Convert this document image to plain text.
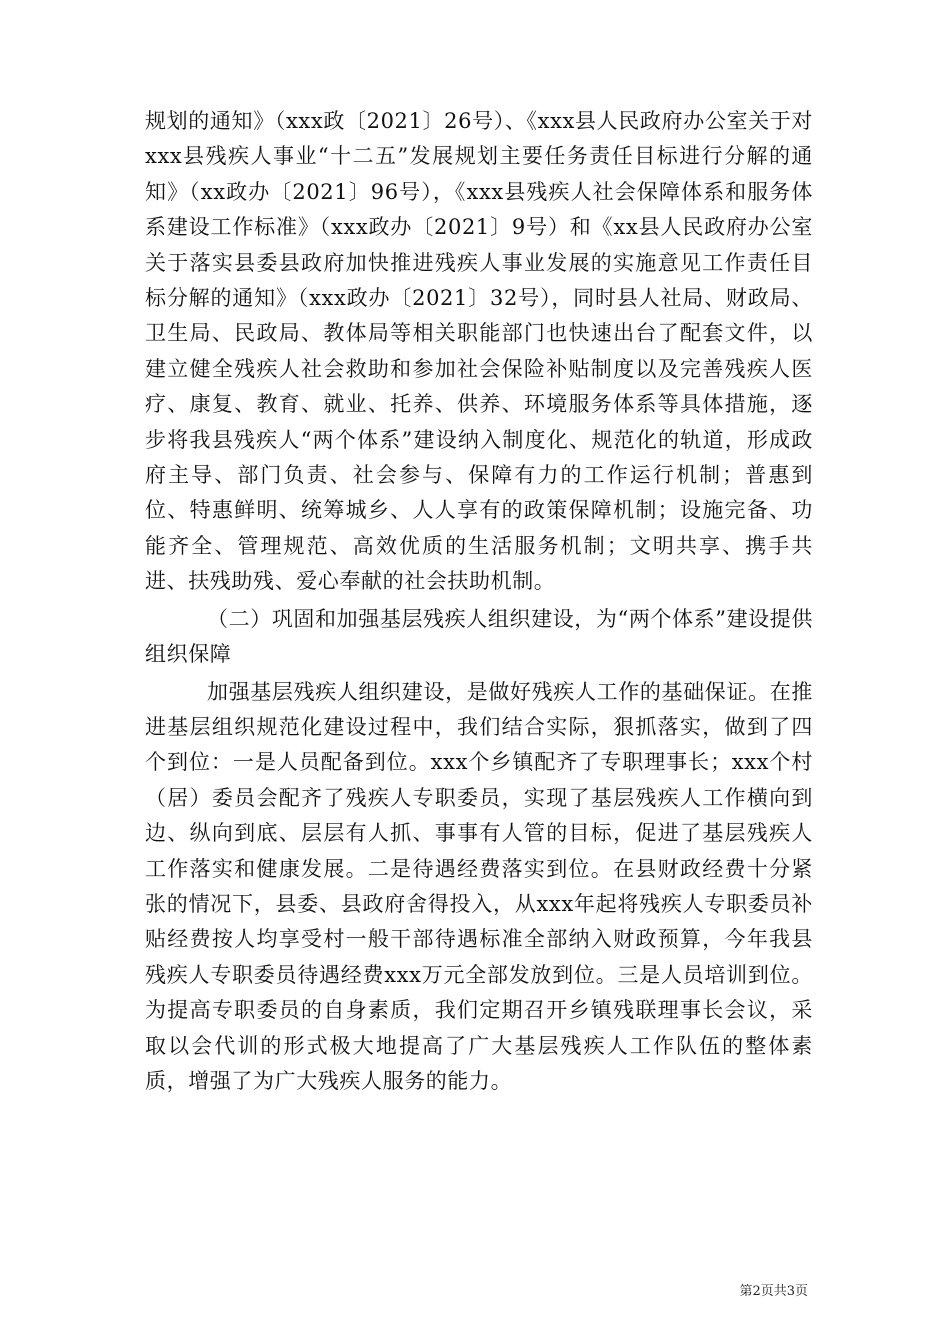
规划的通知》（xxx政〔2021〕26号）、《xxx县人民政府办公室关于对xxx县残疾人事业“十二五”发展规划主要任务责任目标进行分解的通知》（xx政办〔2021〕96号），《xxx县残疾人社会保障体系和服务体系建设工作标准》（xxx政办〔2021〕9号）和《xx县人民政府办公室关于落实县委县政府加快推进残疾人事业发展的实施意见工作责任目标分解的通知》（xxx政办〔2021〕32号），同时县人社局、财政局、卫生局、民政局、教体局等相关职能部门也快速出台了配套文件，以建立健全残疾人社会救助和参加社会保险补贴制度以及完善残疾人医疗、康复、教育、就业、托养、供养、环境服务体系等具体措施，逐步将我县残疾人“两个体系”建设纳入制度化、规范化的轨道，形成政府主导、部门负责、社会参与、保障有力的工作运行机制；普惠到位、特惠鲜明、统筹城乡、人人享有的政策保障机制；设施完备、功能齐全、管理规范、高效优质的生活服务机制；文明共享、携手共进、扶残助残、爱心奉献的社会扶助机制。

（二）巩固和加强基层残疾人组织建设，为“两个体系”建设提供组织保障

加强基层残疾人组织建设，是做好残疾人工作的基础保证。在推进基层组织规范化建设过程中，我们结合实际，狠抓落实，做到了四个到位：一是人员配备到位。xxx个乡镇配齐了专职理事长；xxx个村（居）委员会配齐了残疾人专职委员，实现了基层残疾人工作横向到边、纵向到底、层层有人抓、事事有人管的目标，促进了基层残疾人工作落实和健康发展。二是待遇经费落实到位。在县财政经费十分紧张的情况下，县委、县政府舍得投入，从xxx年起将残疾人专职委员补贴经费按人均享受村一般干部待遇标准全部纳入财政预算，今年我县残疾人专职委员待遇经费xxx万元全部发放到位。三是人员培训到位。为提高专职委员的自身素质，我们定期召开乡镇残联理事长会议，采取以会代训的形式极大地提高了广大基层残疾人工作队伍的整体素质，增强了为广大残疾人服务的能力。

第2页共3页
